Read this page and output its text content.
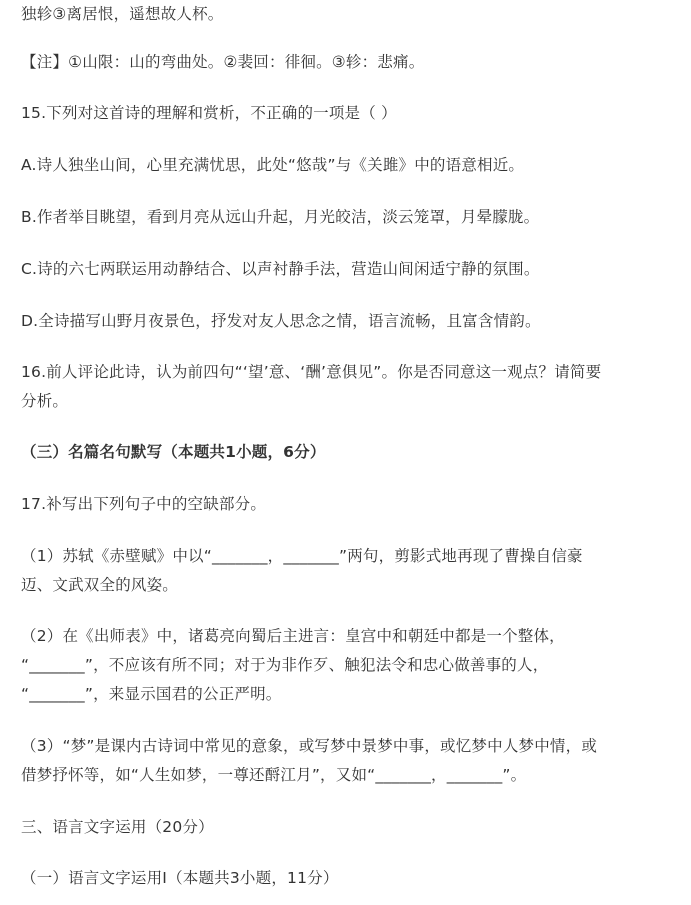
独轸③离居恨，遥想故人杯。
【注】①山限：山的弯曲处。②裴回：徘徊。③轸：悲痛。
15.下列对这首诗的理解和赏析，不正确的一项是（ ）
A.诗人独坐山间，心里充满忧思，此处“悠哉”与《关雎》中的语意相近。
B.作者举目眺望，看到月亮从远山升起，月光皎洁，淡云笼罩，月晕朦胧。
C.诗的六七两联运用动静结合、以声衬静手法，营造山间闲适宁静的氛围。
D.全诗描写山野月夜景色，抒发对友人思念之情，语言流畅，且富含情韵。
16.前人评论此诗，认为前四句“‘望’意、‘酬’意俱见”。你是否同意这一观点？请简要
分析。
（三）名篇名句默写（本题共1小题，6分）
17.补写出下列句子中的空缺部分。
（1）苏轼《赤壁赋》中以“_______，_______”两句，剪影式地再现了曹操自信豪
迈、文武双全的风姿。
（2）在《出师表》中，诸葛亮向蜀后主进言：皇宫中和朝廷中都是一个整体，
“_______”，不应该有所不同；对于为非作歹、触犯法令和忠心做善事的人，
“_______”，来显示国君的公正严明。
（3）“梦”是课内古诗词中常见的意象，或写梦中景梦中事，或忆梦中人梦中情，或
借梦抒怀等，如“人生如梦，一尊还酹江月”，又如“_______，_______”。
三、语言文字运用（20分）
（一）语言文字运用Ⅰ（本题共3小题，11分）
